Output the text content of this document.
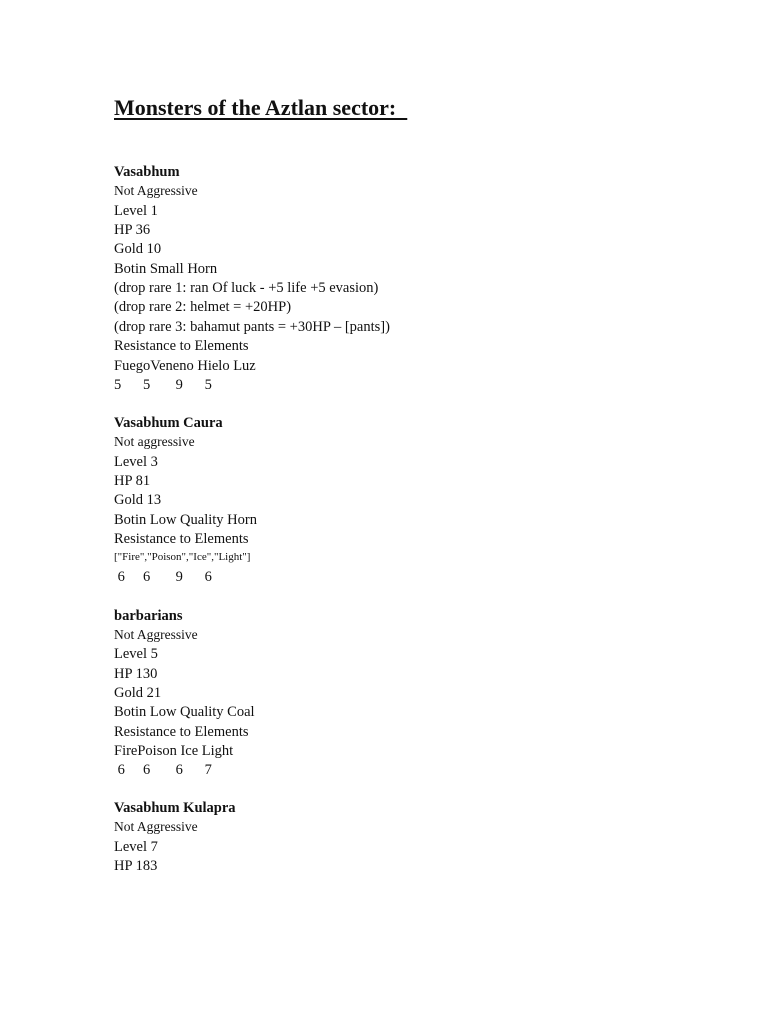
Monsters of the Aztlan sector:
Vasabhum
Not Aggressive
Level 1
HP 36
Gold 10
Botin Small Horn
(drop rare 1: ran Of luck - +5 life +5 evasion)
(drop rare 2: helmet = +20HP)
(drop rare 3: bahamut pants = +30HP – [pants])
Resistance to Elements
FuegoVeneno Hielo Luz
5      5       9      5
Vasabhum Caura
Not aggressive
Level 3
HP 81
Gold 13
Botin Low Quality Horn
Resistance to Elements
["Fire","Poison","Ice","Light"]
6     6       9      6
barbarians
Not Aggressive
Level 5
HP 130
Gold 21
Botin Low Quality Coal
Resistance to Elements
FirePoison Ice Light
6     6       6      7
Vasabhum Kulapra
Not Aggressive
Level 7
HP 183
